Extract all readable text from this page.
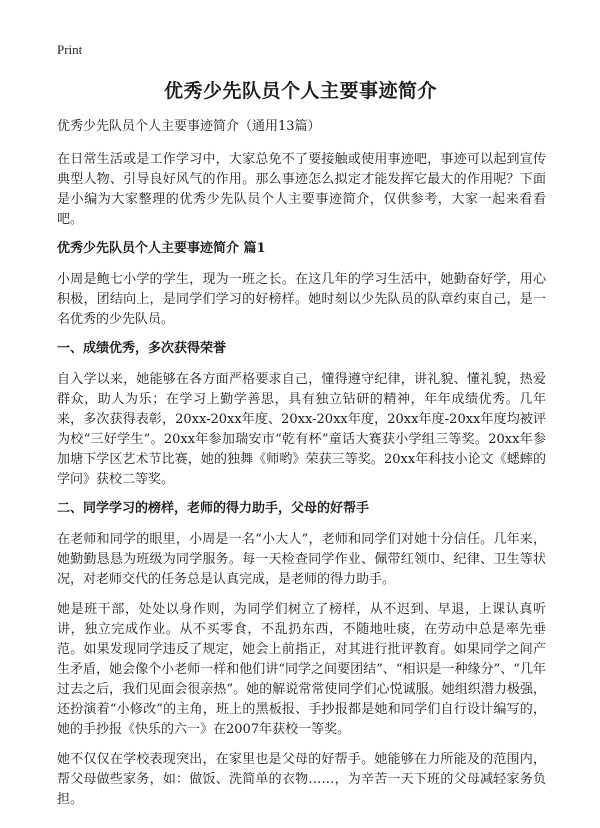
Print
优秀少先队员个人主要事迹简介

优秀少先队员个人主要事迹简介（通用13篇）

在日常生活或是工作学习中，大家总免不了要接触或使用事迹吧，事迹可以起到宣传典型人物、引导良好风气的作用。那么事迹怎么拟定才能发挥它最大的作用呢？下面是小编为大家整理的优秀少先队员个人主要事迹简介，仅供参考，大家一起来看看吧。

优秀少先队员个人主要事迹简介 篇1

小周是鲍七小学的学生，现为一班之长。在这几年的学习生活中，她勤奋好学，用心积极，团结向上，是同学们学习的好榜样。她时刻以少先队员的队章约束自己，是一名优秀的少先队员。

一、成绩优秀，多次获得荣誉

自入学以来，她能够在各方面严格要求自己，懂得遵守纪律，讲礼貌、懂礼貌，热爱群众，助人为乐；在学习上勤学善思，具有独立钻研的精神，年年成绩优秀。几年来，多次获得表彰，20xx-20xx年度、20xx-20xx年度，20xx年度-20xx年度均被评为校“三好学生”。20xx年参加瑞安市“乾有杯”童话大赛获小学组三等奖。20xx年参加塘下学区艺术节比赛，她的独舞《师哟》荣获三等奖。20xx年科技小论文《蟋蟀的学问》获校二等奖。

二、同学学习的榜样，老师的得力助手，父母的好帮手

在老师和同学的眼里，小周是一名“小大人”，老师和同学们对她十分信任。几年来，她勤勤恳恳为班级为同学服务。每一天检查同学作业、佩带红领巾、纪律、卫生等状况，对老师交代的任务总是认真完成，是老师的得力助手。

她是班干部，处处以身作则，为同学们树立了榜样，从不迟到、早退，上课认真听讲，独立完成作业。从不买零食，不乱扔东西，不随地吐痰，在劳动中总是率先垂范。如果发现同学违反了规定，她会上前指正，对其进行批评教育。如果同学之间产生矛盾，她会像个小老师一样和他们讲“同学之间要团结”、“相识是一种缘分”、“几年过去之后，我们见面会很亲热”。她的解说常常使同学们心悦诚服。她组织潜力极强，还扮演着“小修改”的主角，班上的黑板报、手抄报都是她和同学们自行设计编写的，她的手抄报《快乐的六一》在2007年获校一等奖。

她不仅仅在学校表现突出，在家里也是父母的好帮手。她能够在力所能及的范围内，帮父母做些家务，如：做饭、洗简单的衣物……，为辛苦一天下班的父母减轻家务负担。
